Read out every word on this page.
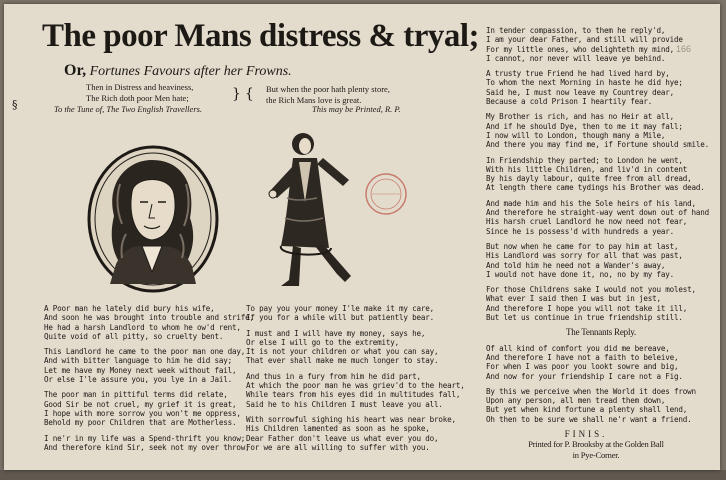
The poor Mans distress & tryal;
Or, Fortunes Favours after her Frowns.
Then in Distress and heaviness,
The Rich doth poor Men hate;	}{ But when the poor hath plenty store,
the Rich Mans love is great.
§	To the Tune of, The Two English Travellers.	This may be Printed, R. P.
166
A Poor man he lately did bury his wife,
And soon he was brought into trouble and strife,
He had a harsh Landlord to whom he ow'd rent,
Quite void of all pitty, so cruelty bent.
This Landlord he came to the poor man one day,
And with bitter language to him he did say;
Let me have my Money next week without fail,
Or else I'le assure you, you lye in a Jail.
The poor man in pittiful terms did relate,
Good Sir be not cruel, my grief it is great,
I hope with more sorrow you won't me oppress,
Behold my poor Children that are Motherless.
I ne'r in my life was a Spend-thrift you know;
And therefore kind Sir, seek not my over throw,
To pay you your money I'le make it my care,
If you for a while will but patiently bear.
I must and I will have my money, says he,
Or else I will go to the extremity,
It is not your children or what you can say,
That ever shall make me much longer to stay.
And thus in a fury from him he did part,
At which the poor man he was griev'd to the heart,
While tears from his eyes did in multitudes fall,
Said he to his Children I must leave you all.
With sorrowful sighing his heart was near broke,
His Children lamented as soon as he spoke,
Dear Father don't leave us what ever you do,
For we are all willing to suffer with you.
In tender compassion, to them he reply'd,
I am your dear Father, and still will provide
For my little ones, who delighteth my mind,
I cannot, nor never will leave ye behind.
A trusty true Friend he had lived hard by,
To whom the next Morning in haste he did hye;
Said he, I must now leave my Countrey dear,
Because a cold Prison I heartily fear.
My Brother is rich, and has no Heir at all,
And if he should Dye, then to me it may fall;
I now will to London, though many a Mile,
And there you may find me, if Fortune should smile.
In Friendship they parted; to London he went,
With his little Children, and liv'd in content
By his dayly labour, quite free from all dread,
At length there came tydings his Brother was dead.
And made him and his the Sole heirs of his land,
And therefore he straight-way went down out of hand
His harsh cruel Landlord he now need not fear,
Since he is possess'd with hundreds a year.
But now when he came for to pay him at last,
His Landlord was sorry for all that was past,
And told him he need not a Wander's away,
I would not have done it, no, no by my fay.
For those Childrens sake I would not you molest,
What ever I said then I was but in jest,
And therefore I hope you will not take it ill,
But let us continue in true friendship still.
The Tennants Reply.
Of all kind of comfort you did me bereave,
And therefore I have not a faith to beleive,
For when I was poor you lookt sowre and big,
And now for your friendship I care not a Fig.
By this we perceive when the World it does frown
Upon any person, all men tread them down,
But yet when kind fortune a plenty shall lend,
Oh then to be sure we shall ne'r want a friend.
FINIS.
Printed for P. Brooksby at the Golden Ball
in Pye-Corner.
